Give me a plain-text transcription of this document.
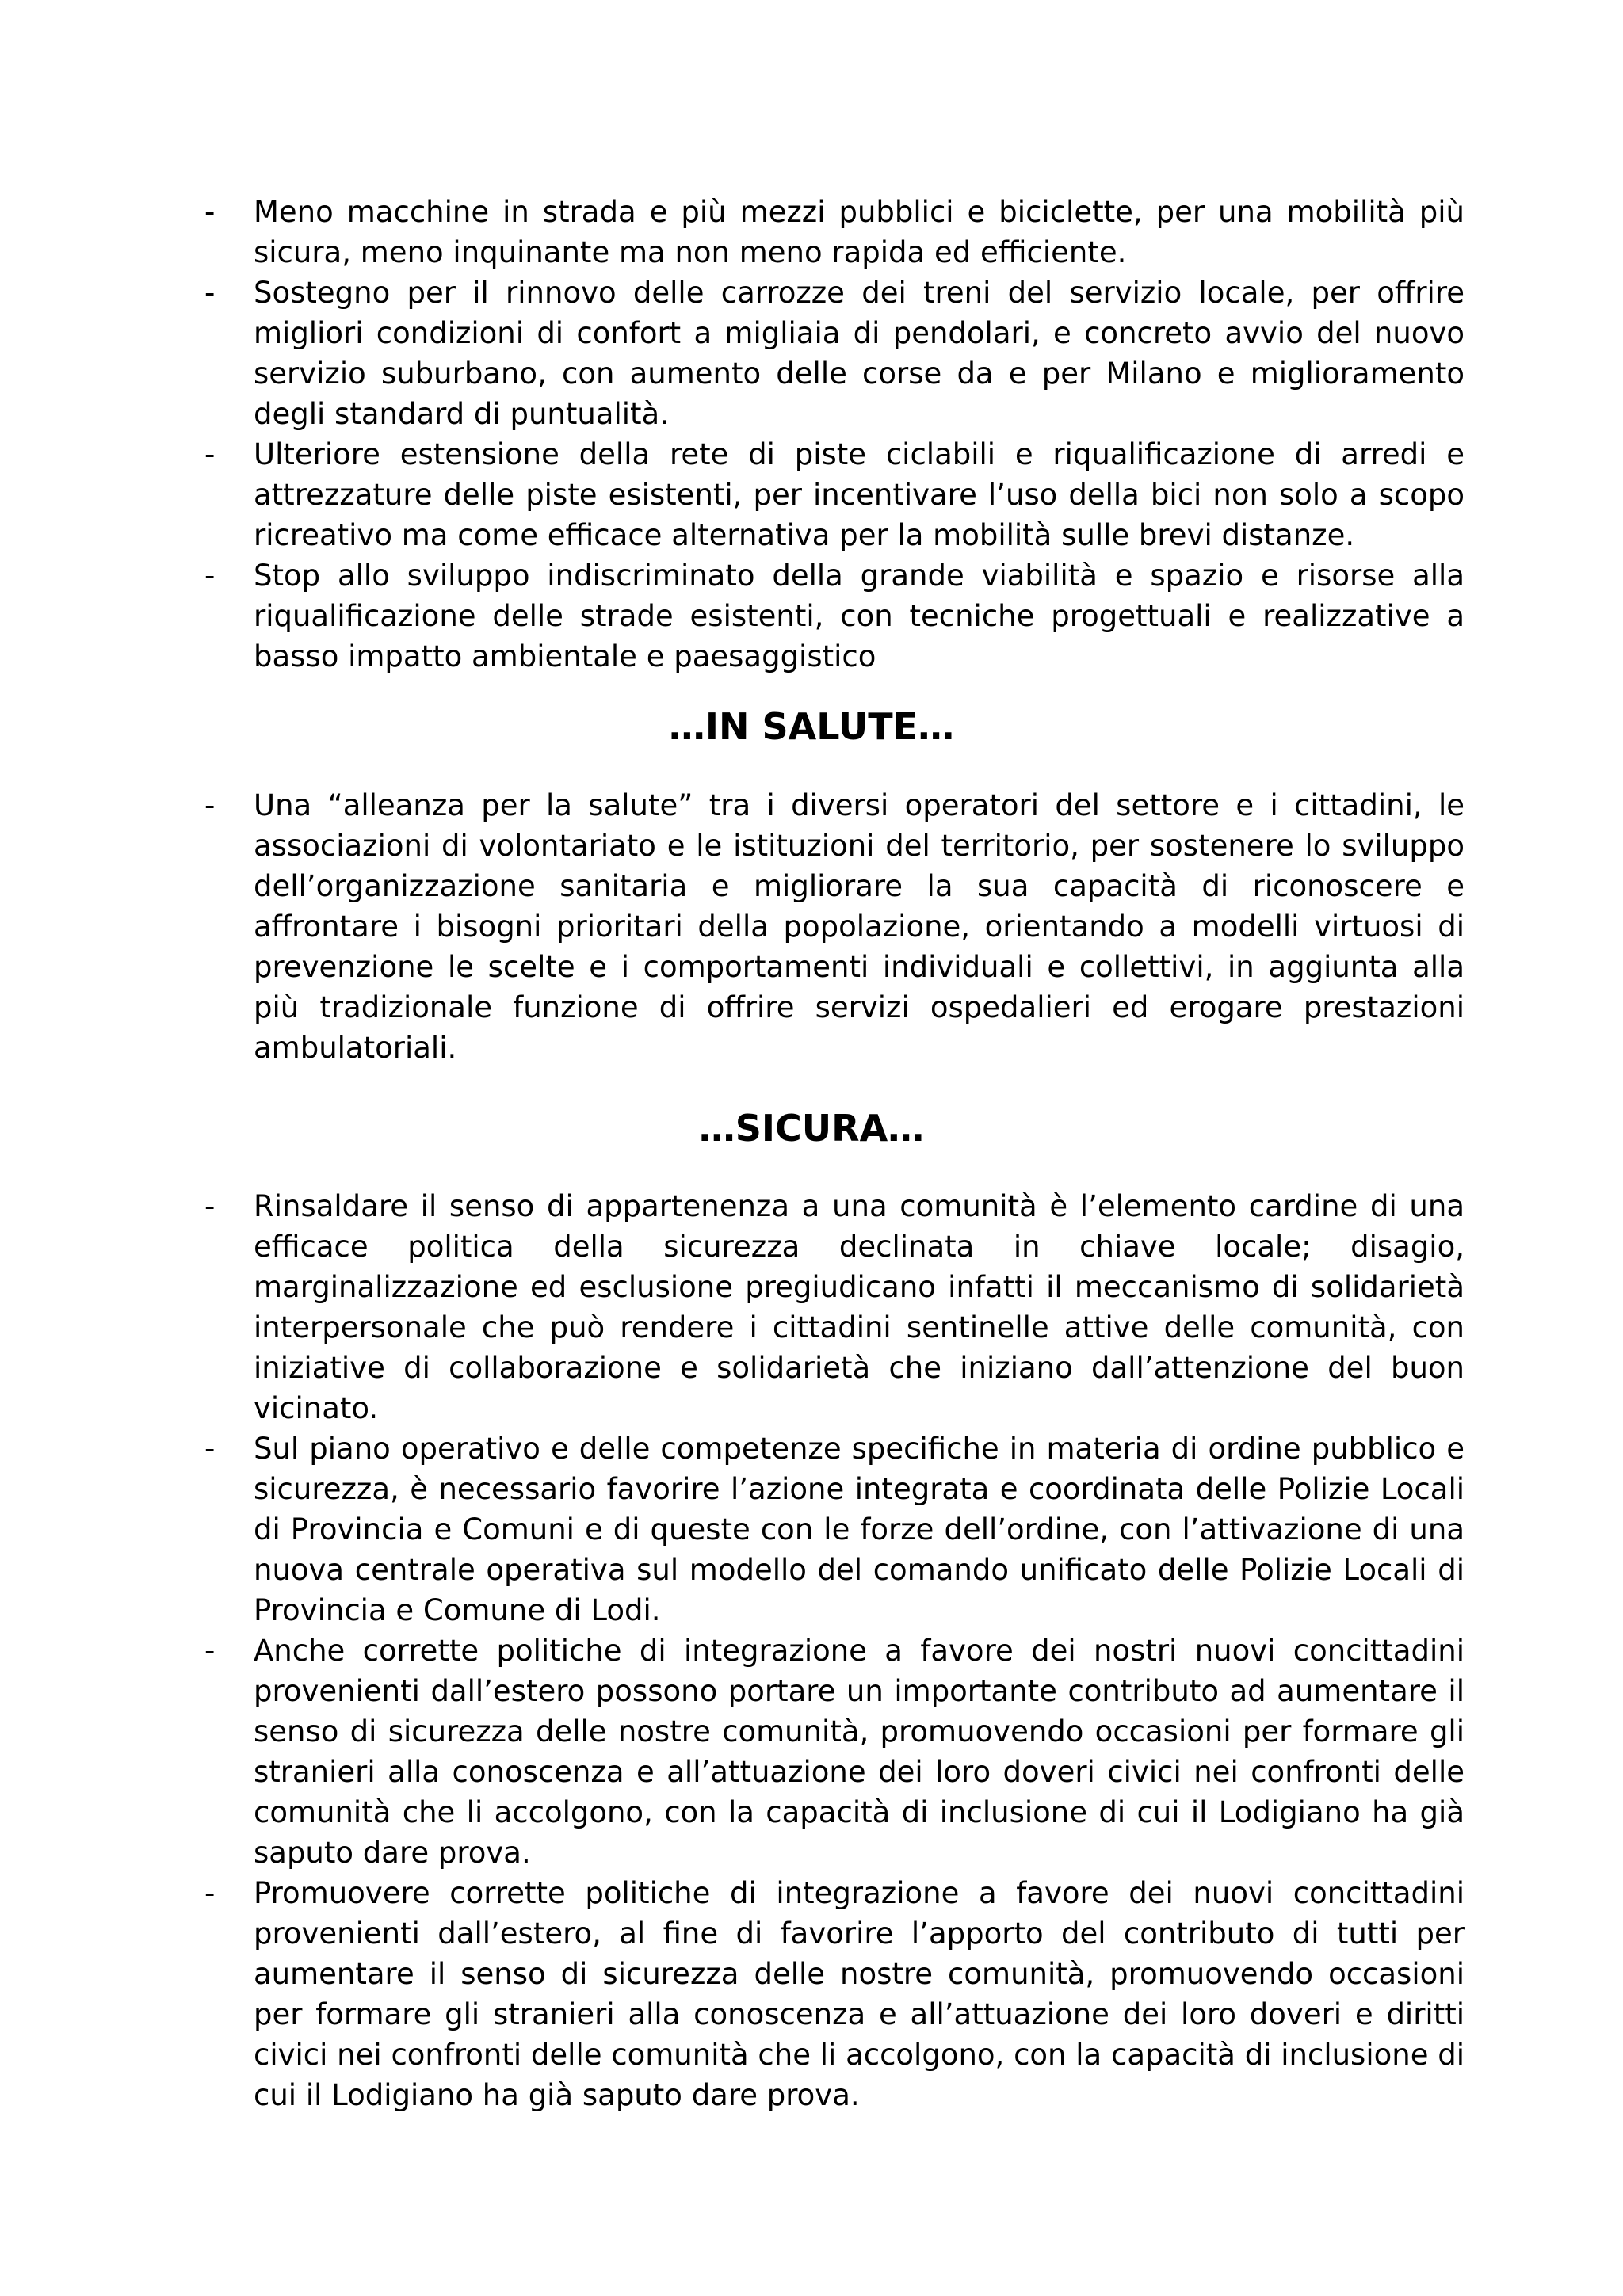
- Meno macchine in strada e più mezzi pubblici e biciclette, per una mobilità più sicura, meno inquinante ma non meno rapida ed efficiente.
- Sostegno per il rinnovo delle carrozze dei treni del servizio locale, per offrire migliori condizioni di confort a migliaia di pendolari, e concreto avvio del nuovo servizio suburbano, con aumento delle corse da e per Milano e miglioramento degli standard di puntualità.
- Ulteriore estensione della rete di piste ciclabili e riqualificazione di arredi e attrezzature delle piste esistenti, per incentivare l’uso della bici non solo a scopo ricreativo ma come efficace alternativa per la mobilità sulle brevi distanze.
- Stop allo sviluppo indiscriminato della grande viabilità e spazio e risorse alla riqualificazione delle strade esistenti, con tecniche progettuali e realizzative a basso impatto ambientale e paesaggistico
…IN SALUTE…
- Una “alleanza per la salute” tra i diversi operatori del settore e i cittadini, le associazioni di volontariato e le istituzioni del territorio, per sostenere lo sviluppo dell’organizzazione sanitaria e migliorare la sua capacità di riconoscere e affrontare i bisogni prioritari della popolazione, orientando a modelli virtuosi di prevenzione le scelte e i comportamenti individuali e collettivi, in aggiunta alla più tradizionale funzione di offrire servizi ospedalieri ed erogare prestazioni ambulatoriali.
…SICURA…
- Rinsaldare il senso di appartenenza a una comunità è l’elemento cardine di una efficace politica della sicurezza declinata in chiave locale; disagio, marginalizzazione ed esclusione pregiudicano infatti il meccanismo di solidarietà interpersonale che può rendere i cittadini sentinelle attive delle comunità, con iniziative di collaborazione e solidarietà che iniziano dall’attenzione del buon vicinato.
- Sul piano operativo e delle competenze specifiche in materia di ordine pubblico e sicurezza, è necessario favorire l’azione integrata e coordinata delle Polizie Locali di Provincia e Comuni e di queste con le forze dell’ordine, con l’attivazione di una nuova centrale operativa sul modello del comando unificato delle Polizie Locali di Provincia e Comune di Lodi.
- Anche corrette politiche di integrazione a favore dei nostri nuovi concittadini provenienti dall’estero possono portare un importante contributo ad aumentare il senso di sicurezza delle nostre comunità, promuovendo occasioni per formare gli stranieri alla conoscenza e all’attuazione dei loro doveri civici nei confronti delle comunità che li accolgono, con la capacità di inclusione di cui il Lodigiano ha già saputo dare prova.
- Promuovere corrette politiche di integrazione a favore dei nuovi concittadini provenienti dall’estero, al fine di favorire l’apporto del contributo di tutti per aumentare il senso di sicurezza delle nostre comunità, promuovendo occasioni per formare gli stranieri alla conoscenza e all’attuazione dei loro doveri e diritti civici nei confronti delle comunità che li accolgono, con la capacità di inclusione di cui il Lodigiano ha già saputo dare prova.
